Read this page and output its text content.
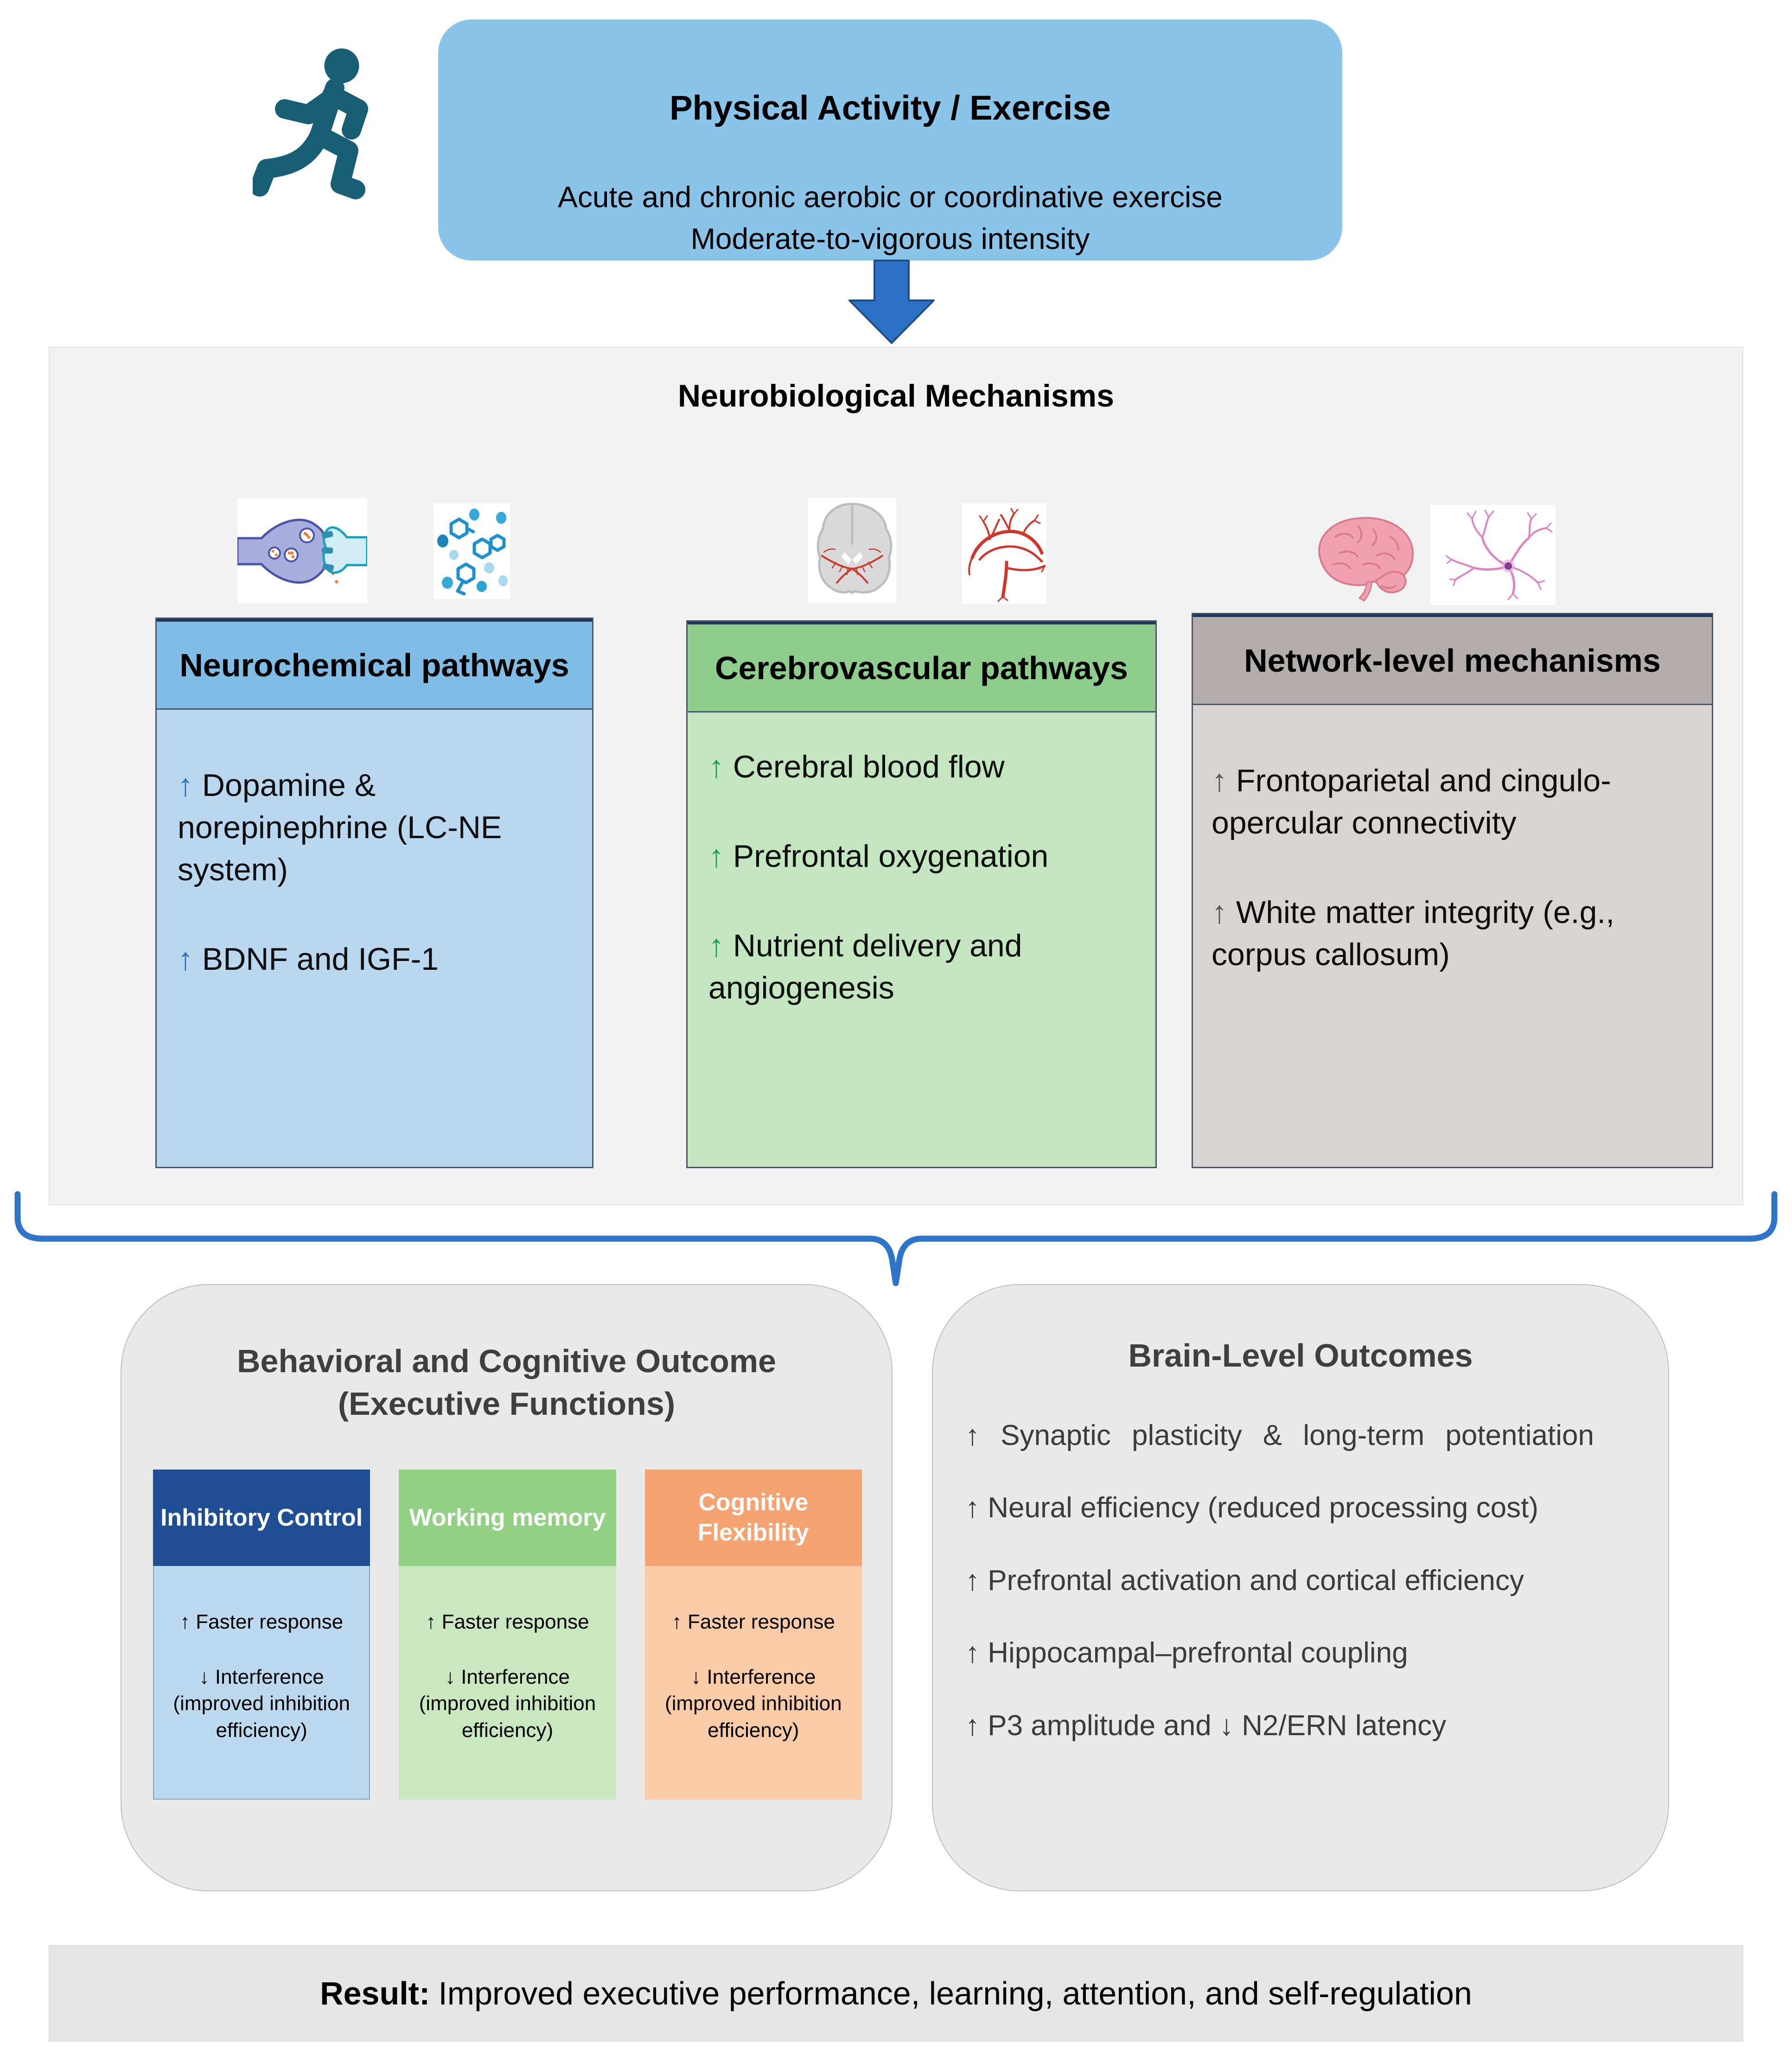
Physical Activity / Exercise
Acute and chronic aerobic or coordinative exercise
Moderate-to-vigorous intensity
Neurobiological Mechanisms
Neurochemical pathways
↑ Dopamine & norepinephrine (LC-NE system)
↑ BDNF and IGF-1
Cerebrovascular pathways
↑ Cerebral blood flow
↑ Prefrontal oxygenation
↑ Nutrient delivery and angiogenesis
Network-level mechanisms
↑ Frontoparietal and cingulo-opercular connectivity
↑ White matter integrity (e.g., corpus callosum)
Behavioral and Cognitive Outcome
(Executive Functions)
Inhibitory Control
↑ Faster response
↓ Interference (improved inhibition efficiency)
Working memory
↑ Faster response
↓ Interference (improved inhibition efficiency)
Cognitive Flexibility
↑ Faster response
↓ Interference (improved inhibition efficiency)
Brain-Level Outcomes
↑ Synaptic plasticity & long-term potentiation
↑ Neural efficiency (reduced processing cost)
↑ Prefrontal activation and cortical efficiency
↑ Hippocampal–prefrontal coupling
↑ P3 amplitude and ↓ N2/ERN latency
Result: Improved executive performance, learning, attention, and self-regulation
